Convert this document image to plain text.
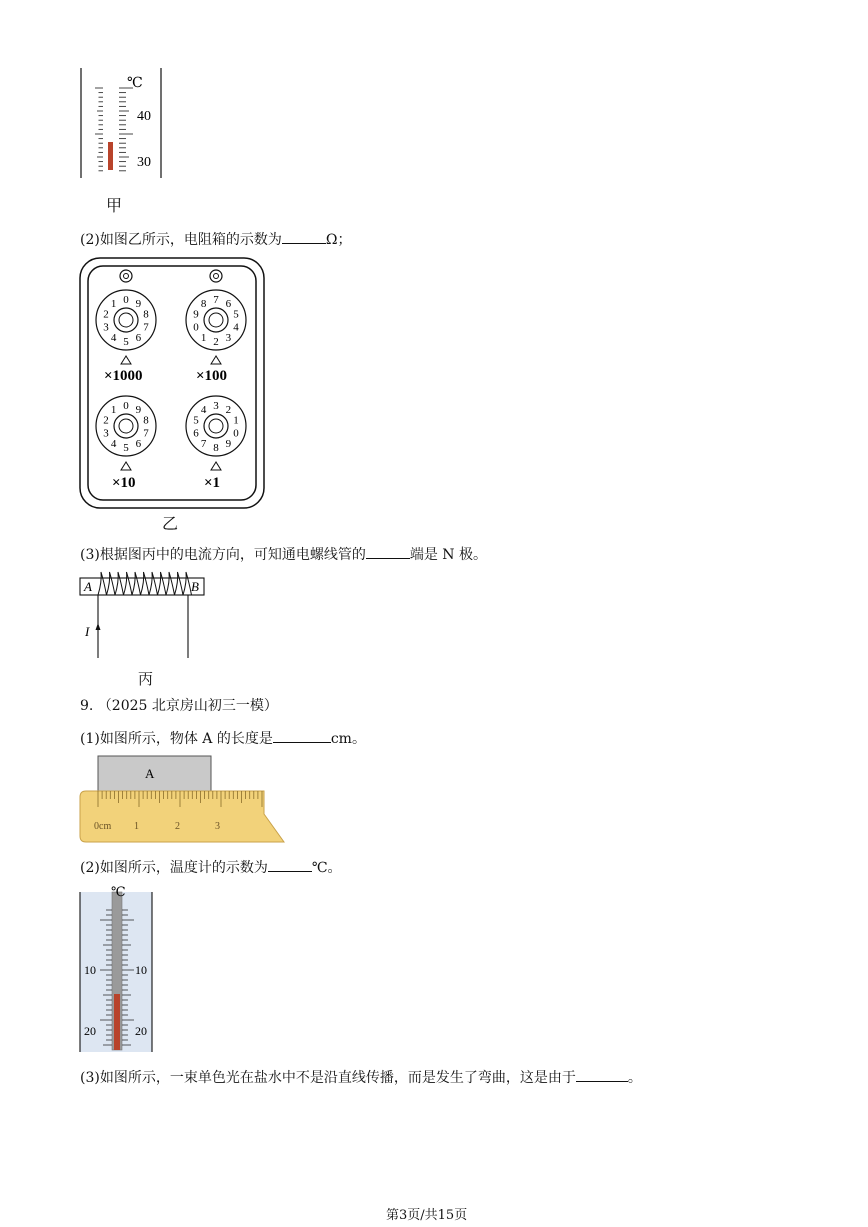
℃
40
30
甲
(2)如图乙所示，电阻箱的示数为	Ω；
1 0 9
8
7
6
5
4
3
2
8 7 6
5
4
3
2
1
0
9
1 0 9
8
7
6
5
4
3
2
4 3 2
1
0
9
8
7
6
5
×1000	×100
×10	×1
乙
(3)根据图丙中的电流方向，可知通电螺线管的	端是 N 极。
A	B
I
丙
9. （2025 北京房山初三一模）
(1)如图所示，物体 A 的长度是	cm。
A
0cm 1	2	3
(2)如图所示，温度计的示数为	℃。
℃
10
20
10
20
(3)如图所示，一束单色光在盐水中不是沿直线传播，而是发生了弯曲，这是由于	。
第3页/共15页
